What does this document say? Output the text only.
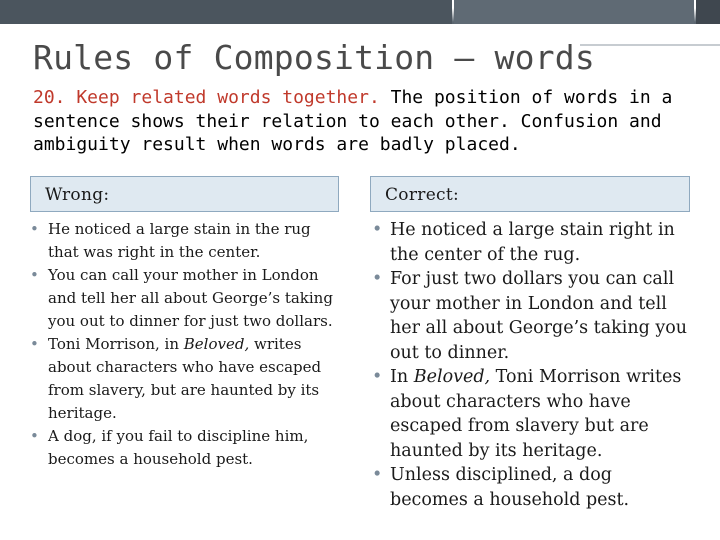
Rules of Composition – words
20. Keep related words together. The position of words in a sentence shows their relation to each other. Confusion and ambiguity result when words are badly placed.
Wrong:	Correct:
• He noticed a large stain in the rug that was right in the center.
• You can call your mother in London and tell her all about George’s taking you out to dinner for just two dollars.
• Toni Morrison, in Beloved, writes about characters who have escaped from slavery, but are haunted by its heritage.
• A dog, if you fail to discipline him, becomes a household pest.
• He noticed a large stain right in the center of the rug.
• For just two dollars you can call your mother in London and tell her all about George’s taking you out to dinner.
• In Beloved, Toni Morrison writes about characters who have escaped from slavery but are haunted by its heritage.
• Unless disciplined, a dog becomes a household pest.
